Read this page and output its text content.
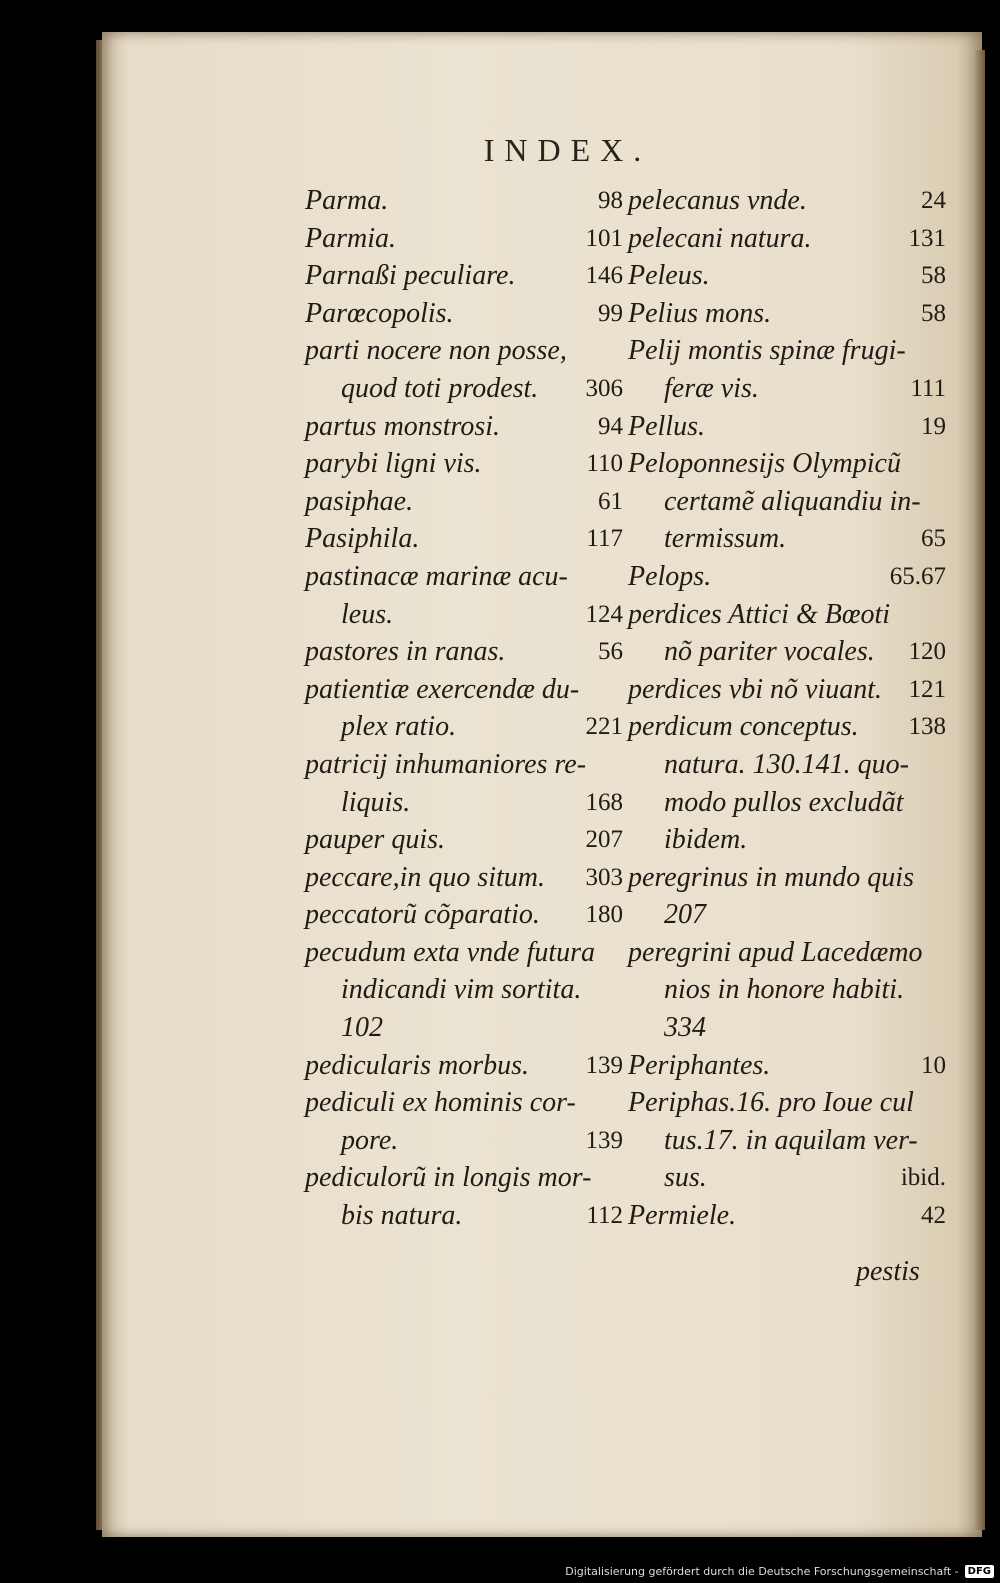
INDEX.
Parma.	98
Parmia.	101
Parnaßi peculiare.	146
Parœcopolis.	99
parti nocere non posse,
quod toti prodest. 306
partus monstrosi.	94
parybi ligni vis.	110
pasiphae.	61
Pasiphila.	117
pastinacæ marinæ acu-
leus.	124
pastores in ranas.	56
patientiæ exercendæ du-
plex ratio.	221
patricij inhumaniores re-
liquis.	168
pauper quis.	207
peccare,in quo situm. 303
peccatorũ cõparatio. 180
pecudum exta vnde futura
indicandi vim sortita.
102
pedicularis morbus. 139
pediculi ex hominis cor-
pore.	139
pediculorũ in longis mor-
bis natura.	112
pelecanus vnde.	24
pelecani natura.	131
Peleus.	58
Pelius mons.	58
Pelij montis spinæ frugi-
feræ vis.	111
Pellus.	19
Peloponnesijs Olympicũ
certamẽ aliquandiu in-
termissum.	65
Pelops.	65.67
perdices Attici & Bœoti
nõ pariter vocales. 120
perdices vbi nõ viuant. 121
perdicum conceptus. 138
natura. 130.141. quo-
modo pullos excludãt
ibidem.
peregrinus in mundo quis
207
peregrini apud Lacedæmo
nios in honore habiti.
334
Periphantes.	10
Periphas.16. pro Ioue cul
tus.17. in aquilam ver-
sus.	ibid.
Permiele.	42
pestis
Digitalisierung gefördert durch die Deutsche Forschungsgemeinschaft - DFG
